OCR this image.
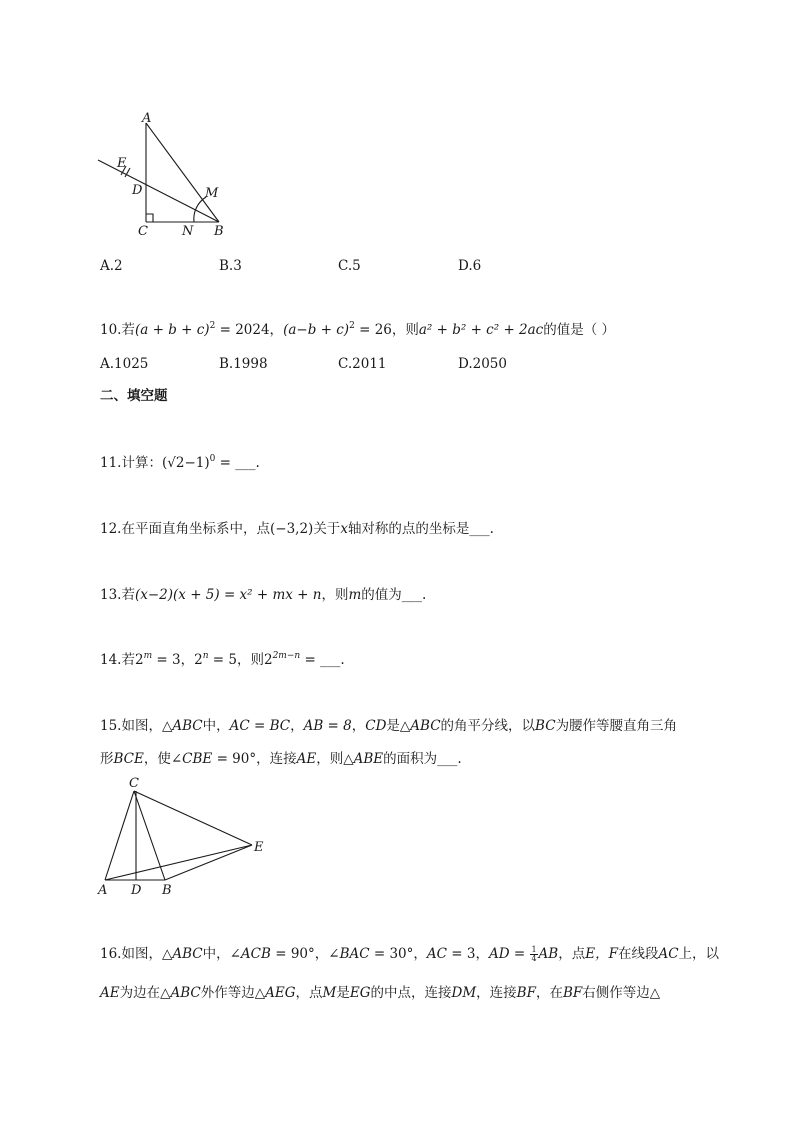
A
E
D	M
C	N B
A.2	B.3	C.5	D.6
10.若$(a + b + c)^2 = 2024$，$(a-b + c)^2 = 26$，则a² + b² + c² + 2ac的值是（ ）
A.1025	B.1998	C.2011	D.2050
二、填空题
11.计算：$(√2-1)^0$ = ___.
12.在平面直角坐标系中，点(−3,2)关于x轴对称的点的坐标是___.
13.若(x−2)(x + 5) = x² + mx + n，则m的值为___.
14.若$2^m = 3$，$2^n = 5$，则$2^{2m-n}$ = ___.
15.如图，△ABC中，AC = BC，AB = 8，CD是△ABC的角平分线，以BC为腰作等腰直角三角
形BCE，使∠CBE = 90°，连接AE，则△ABE的面积为___.
C
E
A D B
16.如图，△ABC中，∠ACB = 90°，∠BAC = 30°，AC = 3，AD = $\frac{1}{4}$ AB，点E，F在线段AC上，以
AE为边在△ABC外作等边△AEG，点M是EG的中点，连接DM，连接BF，在BF右侧作等边△
